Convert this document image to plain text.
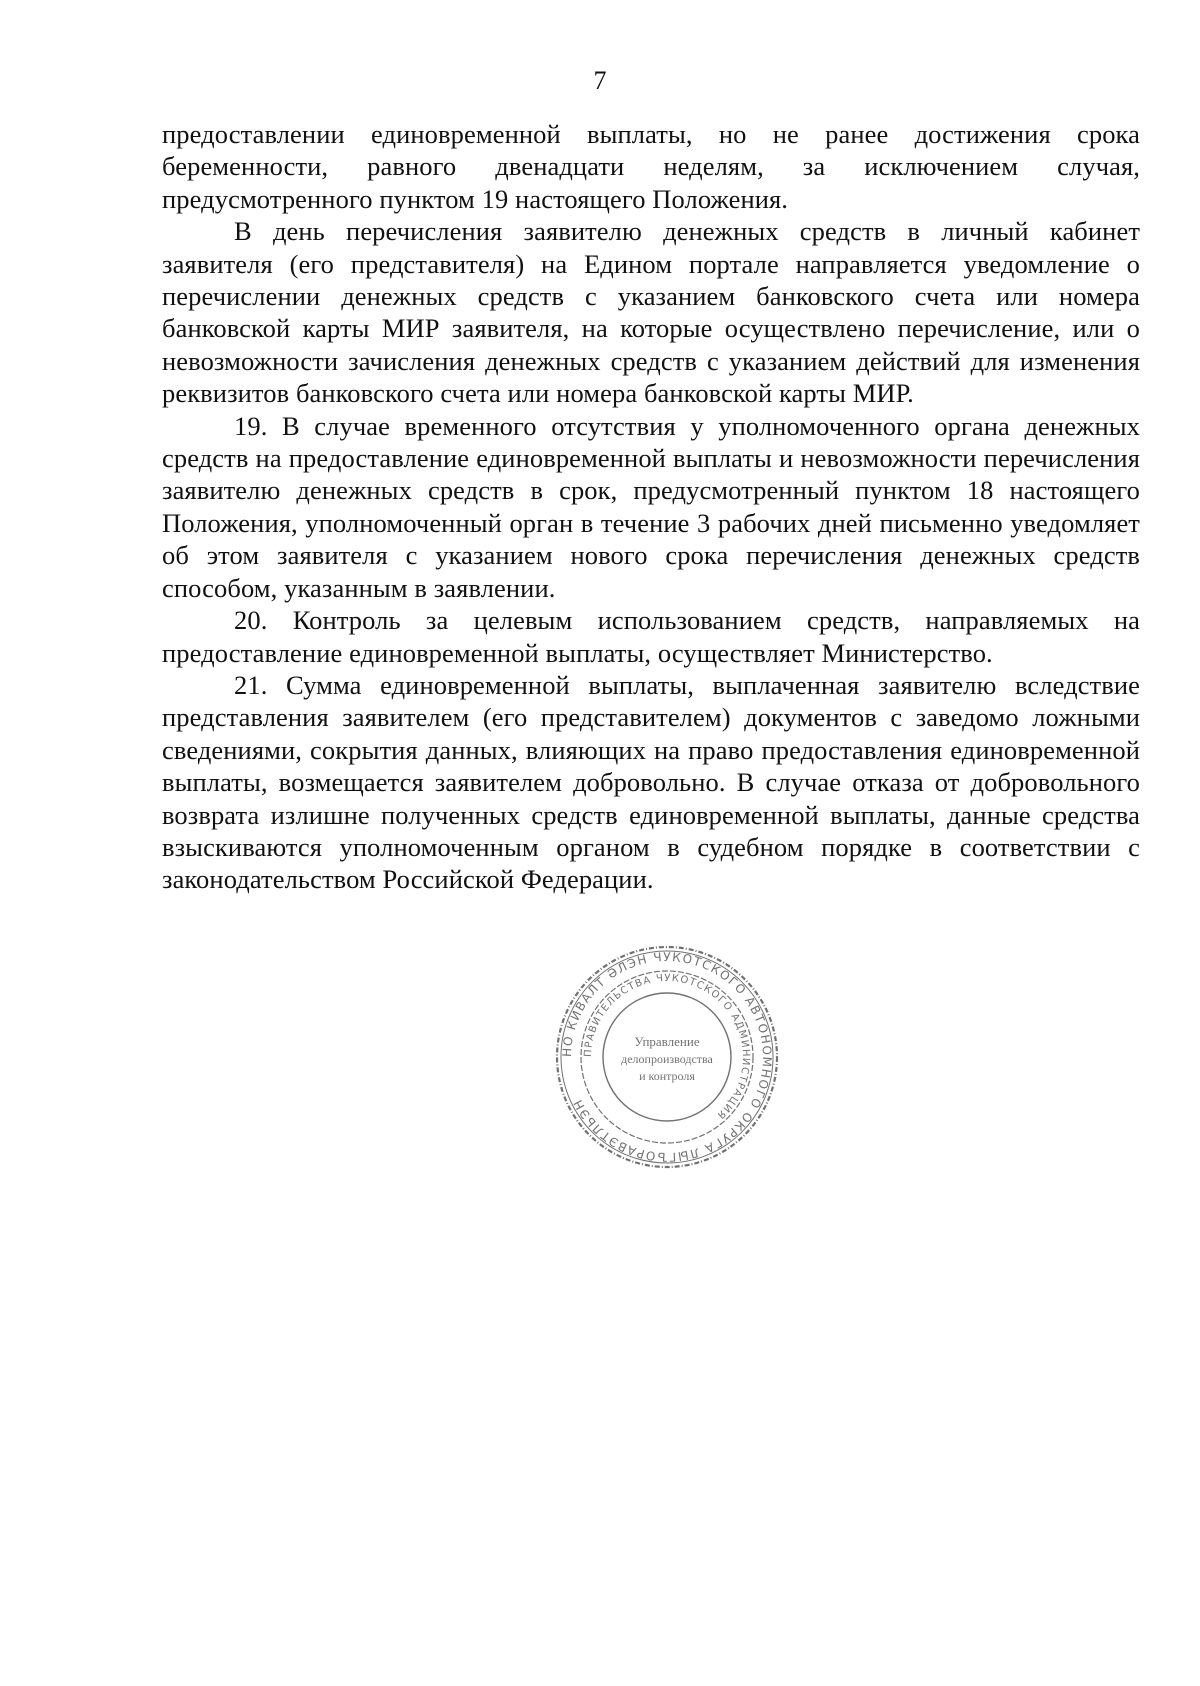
7

предоставлении единовременной выплаты, но не ранее достижения срока беременности, равного двенадцати неделям, за исключением случая, предусмотренного пунктом 19 настоящего Положения.

В день перечисления заявителю денежных средств в личный кабинет заявителя (его представителя) на Едином портале направляется уведомление о перечислении денежных средств с указанием банковского счета или номера банковской карты МИР заявителя, на которые осуществлено перечисление, или о невозможности зачисления денежных средств с указанием действий для изменения реквизитов банковского счета или номера банковской карты МИР.

19. В случае временного отсутствия у уполномоченного органа денежных средств на предоставление единовременной выплаты и невозможности перечисления заявителю денежных средств в срок, предусмотренный пунктом 18 настоящего Положения, уполномоченный орган в течение 3 рабочих дней письменно уведомляет об этом заявителя с указанием нового срока перечисления денежных средств способом, указанным в заявлении.

20. Контроль за целевым использованием средств, направляемых на предоставление единовременной выплаты, осуществляет Министерство.

21. Сумма единовременной выплаты, выплаченная заявителю вследствие представления заявителем (его представителем) документов с заведомо ложными сведениями, сокрытия данных, влияющих на право предоставления единовременной выплаты, возмещается заявителем добровольно. В случае отказа от добровольного возврата излишне полученных средств единовременной выплаты, данные средства взыскиваются уполномоченным органом в судебном порядке в соответствии с законодательством Российской Федерации.

НО КИВАЛТ ӘЛЭН ЧУКОТСКОГО АВТОНОМНОГО ОКРУГА ЛЫГЪОРАВЭТЛЬЭН
ПРАВИТЕЛЬСТВА ЧУКОТСКОГО АДМИНИСТРАЦИЯ
Управление
делопроизводства
и контроля
